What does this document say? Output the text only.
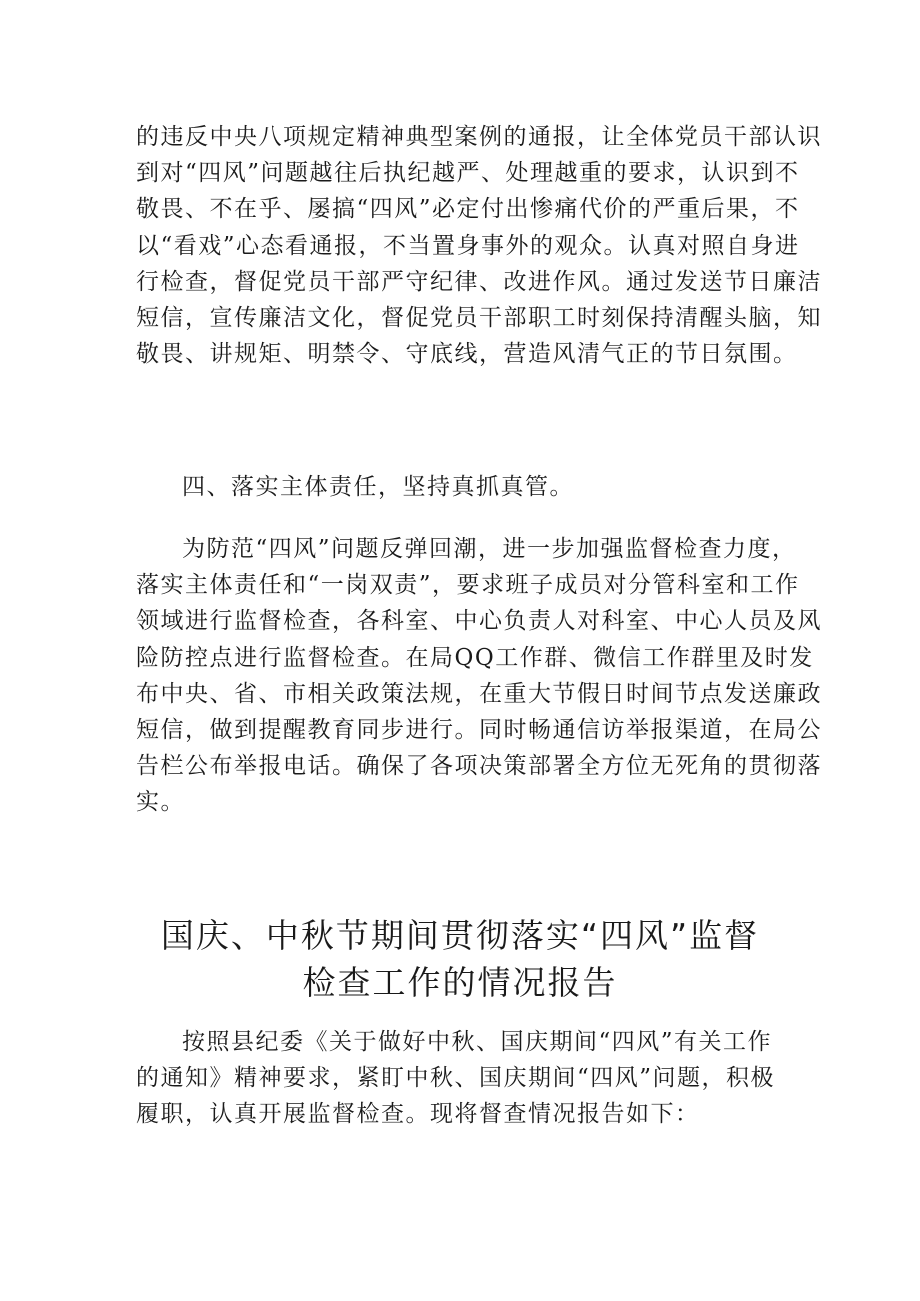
的违反中央八项规定精神典型案例的通报，让全体党员干部认识
到对“四风”问题越往后执纪越严、处理越重的要求，认识到不
敬畏、不在乎、屡搞“四风”必定付出惨痛代价的严重后果，不
以“看戏”心态看通报，不当置身事外的观众。认真对照自身进
行检查，督促党员干部严守纪律、改进作风。通过发送节日廉洁
短信，宣传廉洁文化，督促党员干部职工时刻保持清醒头脑，知
敬畏、讲规矩、明禁令、守底线，营造风清气正的节日氛围。

四、落实主体责任，坚持真抓真管。

为防范“四风”问题反弹回潮，进一步加强监督检查力度，
落实主体责任和“一岗双责”，要求班子成员对分管科室和工作
领域进行监督检查，各科室、中心负责人对科室、中心人员及风
险防控点进行监督检查。在局QQ工作群、微信工作群里及时发
布中央、省、市相关政策法规，在重大节假日时间节点发送廉政
短信，做到提醒教育同步进行。同时畅通信访举报渠道，在局公
告栏公布举报电话。确保了各项决策部署全方位无死角的贯彻落
实。

国庆、中秋节期间贯彻落实“四风”监督
检查工作的情况报告

按照县纪委《关于做好中秋、国庆期间“四风”有关工作
的通知》精神要求，紧盯中秋、国庆期间“四风”问题，积极
履职，认真开展监督检查。现将督查情况报告如下：
